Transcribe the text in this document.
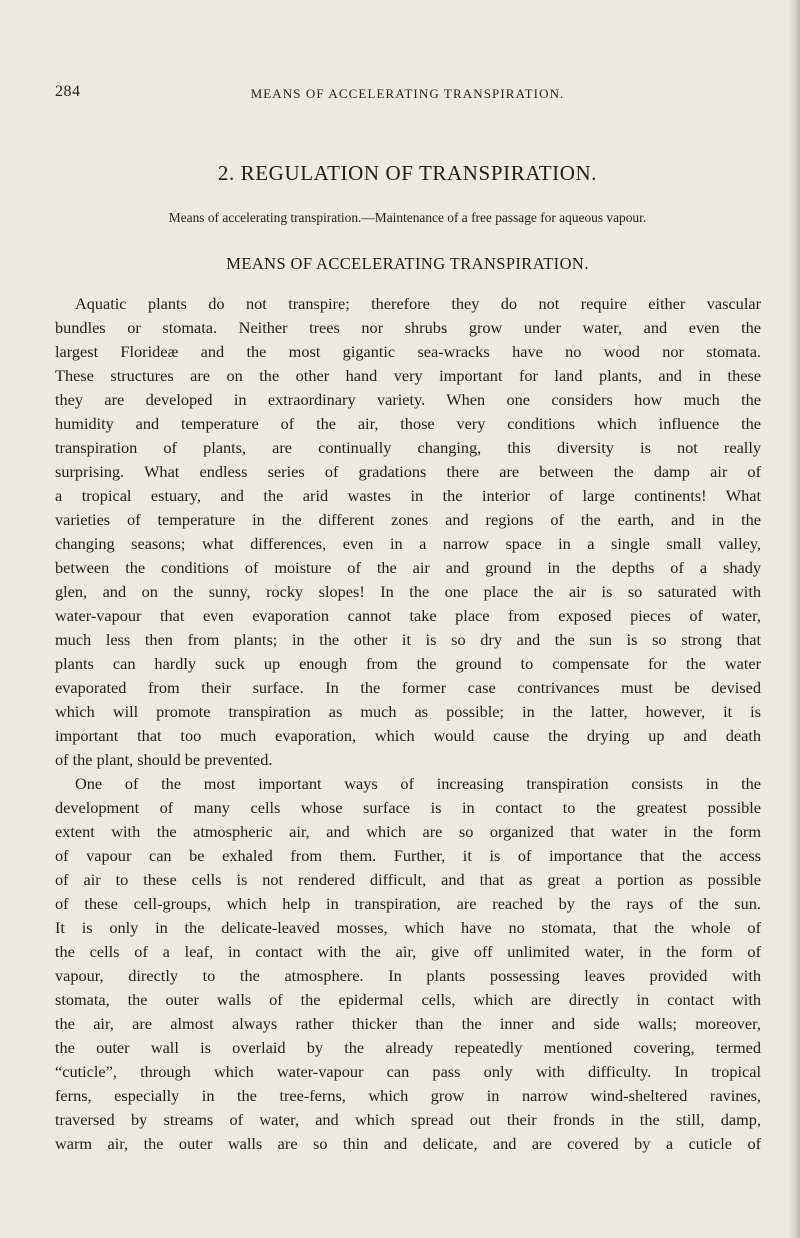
284	MEANS OF ACCELERATING TRANSPIRATION.
2. REGULATION OF TRANSPIRATION.
Means of accelerating transpiration.—Maintenance of a free passage for aqueous vapour.
MEANS OF ACCELERATING TRANSPIRATION.
Aquatic plants do not transpire; therefore they do not require either vascular
bundles or stomata. Neither trees nor shrubs grow under water, and even the
largest Florideæ and the most gigantic sea-wracks have no wood nor stomata.
These structures are on the other hand very important for land plants, and in these
they are developed in extraordinary variety. When one considers how much the
humidity and temperature of the air, those very conditions which influence the
transpiration of plants, are continually changing, this diversity is not really
surprising. What endless series of gradations there are between the damp air of
a tropical estuary, and the arid wastes in the interior of large continents! What
varieties of temperature in the different zones and regions of the earth, and in the
changing seasons; what differences, even in a narrow space in a single small valley,
between the conditions of moisture of the air and ground in the depths of a shady
glen, and on the sunny, rocky slopes! In the one place the air is so saturated with
water-vapour that even evaporation cannot take place from exposed pieces of water,
much less then from plants; in the other it is so dry and the sun is so strong that
plants can hardly suck up enough from the ground to compensate for the water
evaporated from their surface. In the former case contrivances must be devised
which will promote transpiration as much as possible; in the latter, however, it is
important that too much evaporation, which would cause the drying up and death
of the plant, should be prevented.
One of the most important ways of increasing transpiration consists in the
development of many cells whose surface is in contact to the greatest possible
extent with the atmospheric air, and which are so organized that water in the form
of vapour can be exhaled from them. Further, it is of importance that the access
of air to these cells is not rendered difficult, and that as great a portion as possible
of these cell-groups, which help in transpiration, are reached by the rays of the sun.
It is only in the delicate-leaved mosses, which have no stomata, that the whole of
the cells of a leaf, in contact with the air, give off unlimited water, in the form of
vapour, directly to the atmosphere. In plants possessing leaves provided with
stomata, the outer walls of the epidermal cells, which are directly in contact with
the air, are almost always rather thicker than the inner and side walls; moreover,
the outer wall is overlaid by the already repeatedly mentioned covering, termed
“cuticle”, through which water-vapour can pass only with difficulty. In tropical
ferns, especially in the tree-ferns, which grow in narrow wind-sheltered ravines,
traversed by streams of water, and which spread out their fronds in the still, damp,
warm air, the outer walls are so thin and delicate, and are covered by a cuticle of
